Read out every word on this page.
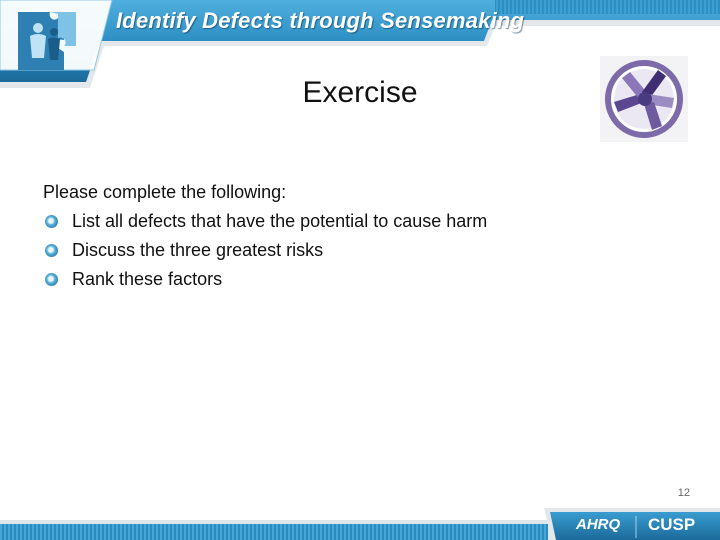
Identify Defects through Sensemaking
Exercise
Please complete the following:
List all defects that have the potential to cause harm
Discuss the three greatest risks
Rank these factors
12
AHRQ CUSP
